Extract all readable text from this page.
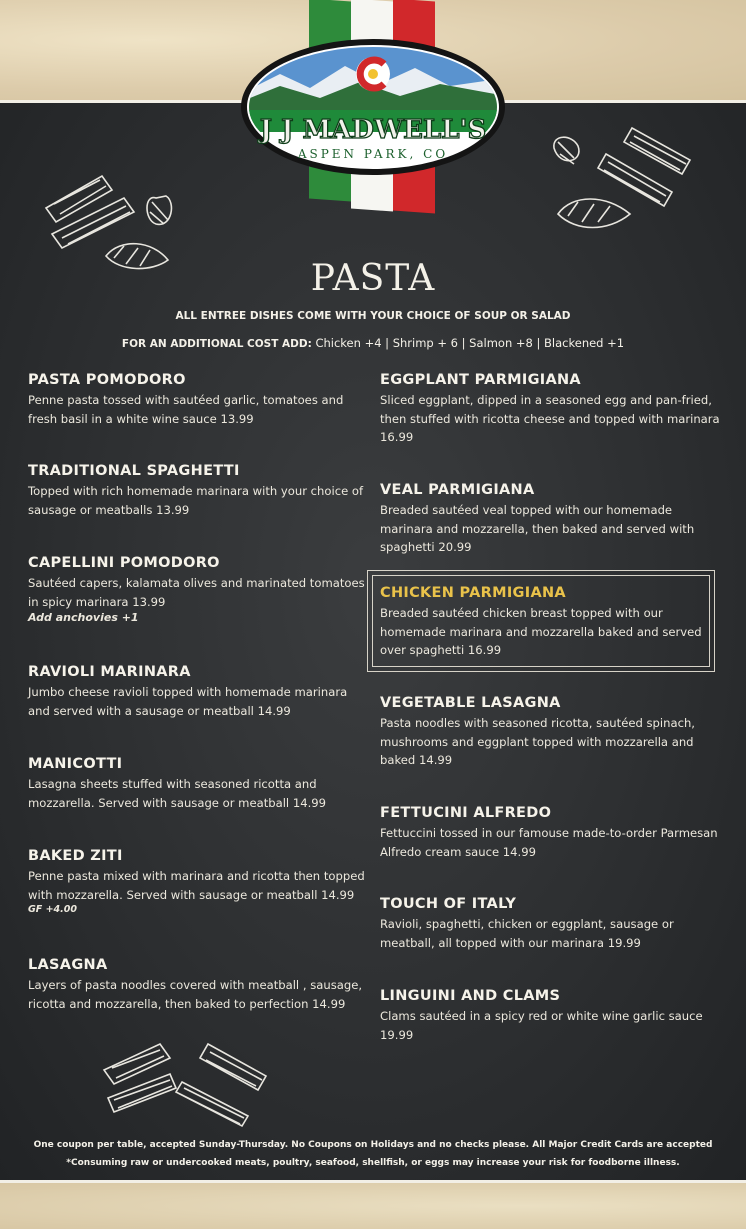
J J MADWELL'S
ASPEN PARK, CO
PASTA
ALL ENTREE DISHES COME WITH YOUR CHOICE OF SOUP OR SALAD
FOR AN ADDITIONAL COST ADD: Chicken +4 | Shrimp + 6 | Salmon +8 | Blackened +1
PASTA POMODORO
Penne pasta tossed with sautéed garlic, tomatoes and fresh basil in a white wine sauce 13.99
TRADITIONAL SPAGHETTI
Topped with rich homemade marinara with your choice of sausage or meatballs 13.99
CAPELLINI POMODORO
Sautéed capers, kalamata olives and marinated tomatoes in spicy marinara 13.99
Add anchovies +1
RAVIOLI MARINARA
Jumbo cheese ravioli topped with homemade marinara and served with a sausage or meatball 14.99
MANICOTTI
Lasagna sheets stuffed with seasoned ricotta and mozzarella. Served with sausage or meatball 14.99
BAKED ZITI
Penne pasta mixed with marinara and ricotta then topped with mozzarella. Served with sausage or meatball 14.99
GF +4.00
LASAGNA
Layers of pasta noodles covered with meatball , sausage, ricotta and mozzarella, then baked to perfection 14.99
EGGPLANT PARMIGIANA
Sliced eggplant, dipped in a seasoned egg and pan-fried, then stuffed with ricotta cheese and topped with marinara 16.99
VEAL PARMIGIANA
Breaded sautéed veal topped with our homemade marinara and mozzarella, then baked and served with spaghetti 20.99
CHICKEN PARMIGIANA
Breaded sautéed chicken breast topped with our homemade marinara and mozzarella baked and served over spaghetti 16.99
VEGETABLE LASAGNA
Pasta noodles with seasoned ricotta, sautéed spinach, mushrooms and eggplant topped with mozzarella and baked 14.99
FETTUCINI ALFREDO
Fettuccini tossed in our famouse made-to-order Parmesan Alfredo cream sauce 14.99
TOUCH OF ITALY
Ravioli, spaghetti, chicken or eggplant, sausage or meatball, all topped with our marinara 19.99
LINGUINI AND CLAMS
Clams sautéed in a spicy red or white wine garlic sauce 19.99
One coupon per table, accepted Sunday-Thursday. No Coupons on Holidays and no checks please. All Major Credit Cards are accepted
*Consuming raw or undercooked meats, poultry, seafood, shellfish, or eggs may increase your risk for foodborne illness.
